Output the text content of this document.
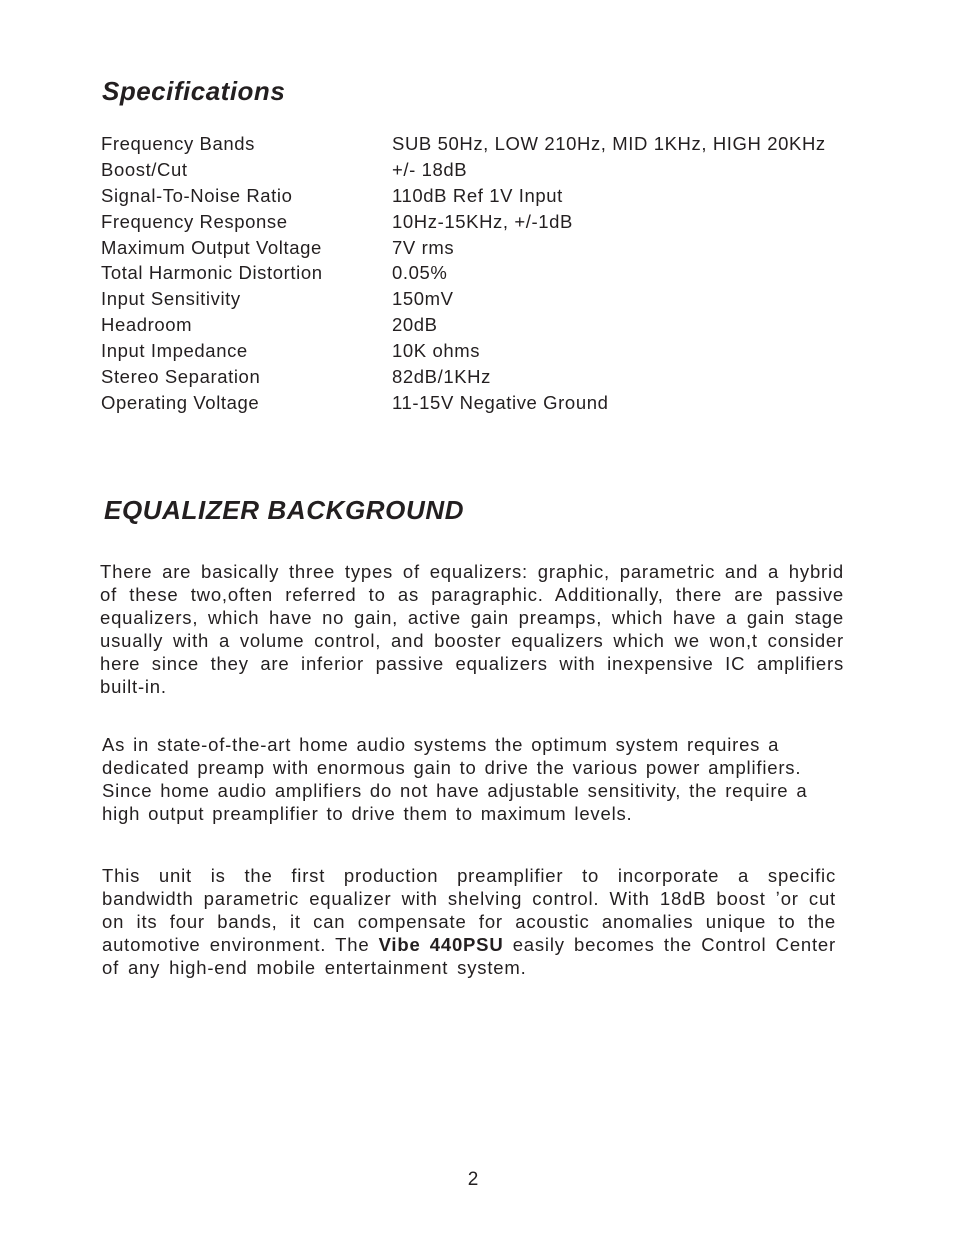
Specifications
Frequency Bands	SUB 50Hz, LOW 210Hz, MID 1KHz, HIGH 20KHz
Boost/Cut	+/- 18dB
Signal-To-Noise Ratio	110dB Ref 1V Input
Frequency Response	10Hz-15KHz, +/-1dB
Maximum Output Voltage	7V rms
Total Harmonic Distortion	0.05%
Input Sensitivity	150mV
Headroom	20dB
Input Impedance	10K ohms
Stereo Separation	82dB/1KHz
Operating Voltage	11-15V Negative Ground
EQUALIZER BACKGROUND

There are basically three types of equalizers: graphic, parametric and a hybrid of these two,often referred to as paragraphic. Additionally, there are passive equalizers, which have no gain, active gain preamps, which have a gain stage usually with a volume control, and booster equalizers which we won,t consider here since they are inferior passive equalizers with inexpensive IC amplifiers built-in.

As in state-of-the-art home audio systems the optimum system requires a
dedicated preamp with enormous gain to drive the various power amplifiers.
Since home audio amplifiers do not have adjustable sensitivity, the require a
high output preamplifier to drive them to maximum levels.

This unit is the first production preamplifier to incorporate a specific bandwidth parametric equalizer with shelving control. With 18dB boost ʼor cut on its four bands, it can compensate for acoustic anomalies unique to the automotive environment. The Vibe 440PSU easily becomes the Control Center of any high-end mobile entertainment system.

2
